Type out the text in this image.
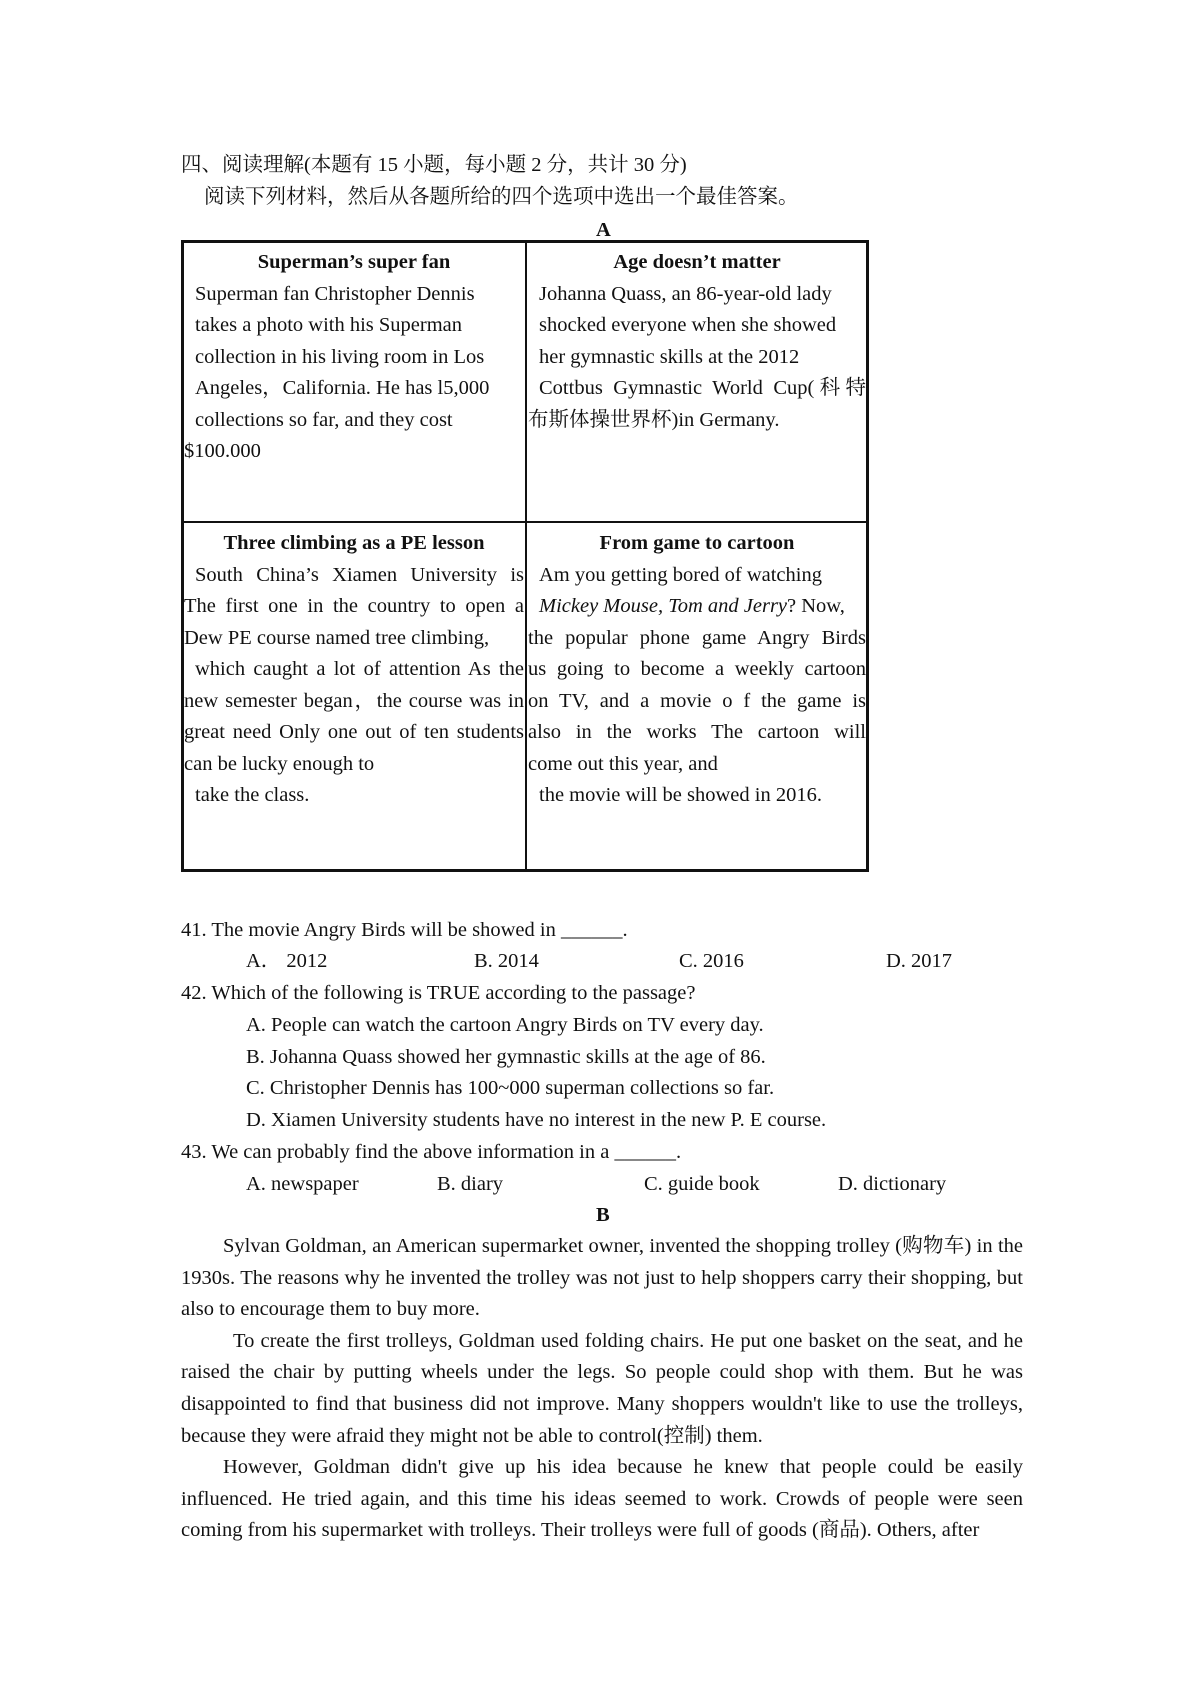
四、阅读理解(本题有 15 小题，每小题 2 分，共计 30 分)
阅读下列材料，然后从各题所给的四个选项中选出一个最佳答案。
A
Superman’s super fan
Superman fan Christopher Dennis
takes a photo with his Superman
collection in his living room in Los
Angeles，California. He has l5,000
collections so far, and they cost
$100.000
Age doesn’t matter
Johanna Quass, an 86-year-old lady
shocked everyone when she showed
her gymnastic skills at the 2012
Cottbus Gymnastic World Cup(科特
布斯体操世界杯)in Germany.
Three climbing as a PE lesson
South China’s Xiamen University is
The first one in the country to open a
Dew PE course named tree climbing,
which caught a lot of attention As the
new semester began，the course was in
great need Only one out of ten students
can be lucky enough to
take the class.
From game to cartoon
Am you getting bored of watching
Mickey Mouse, Tom and Jerry? Now,
the popular phone game Angry Birds
us going to become a weekly cartoon
on TV, and a movie o f the game is
also in the works The cartoon will
come out this year, and
the movie will be showed in 2016.
41. The movie Angry Birds will be showed in ______.
A． 2012	B. 2014	C. 2016	D. 2017
42. Which of the following is TRUE according to the passage?
A. People can watch the cartoon Angry Birds on TV every day.
B. Johanna Quass showed her gymnastic skills at the age of 86.
C. Christopher Dennis has 100~000 superman collections so far.
D. Xiamen University students have no interest in the new P. E course.
43. We can probably find the above information in a ______.
A. newspaper	B. diary	C. guide book	D. dictionary
B

Sylvan Goldman, an American supermarket owner, invented the shopping trolley (购物车) in the 1930s. The reasons why he invented the trolley was not just to help shoppers carry their shopping, but also to encourage them to buy more.

To create the first trolleys, Goldman used folding chairs. He put one basket on the seat, and he raised the chair by putting wheels under the legs. So people could shop with them. But he was disappointed to find that business did not improve. Many shoppers wouldn't like to use the trolleys, because they were afraid they might not be able to control(控制) them.

However, Goldman didn't give up his idea because he knew that people could be easily influenced. He tried again, and this time his ideas seemed to work. Crowds of people were seen coming from his supermarket with trolleys. Their trolleys were full of goods (商品). Others, after
